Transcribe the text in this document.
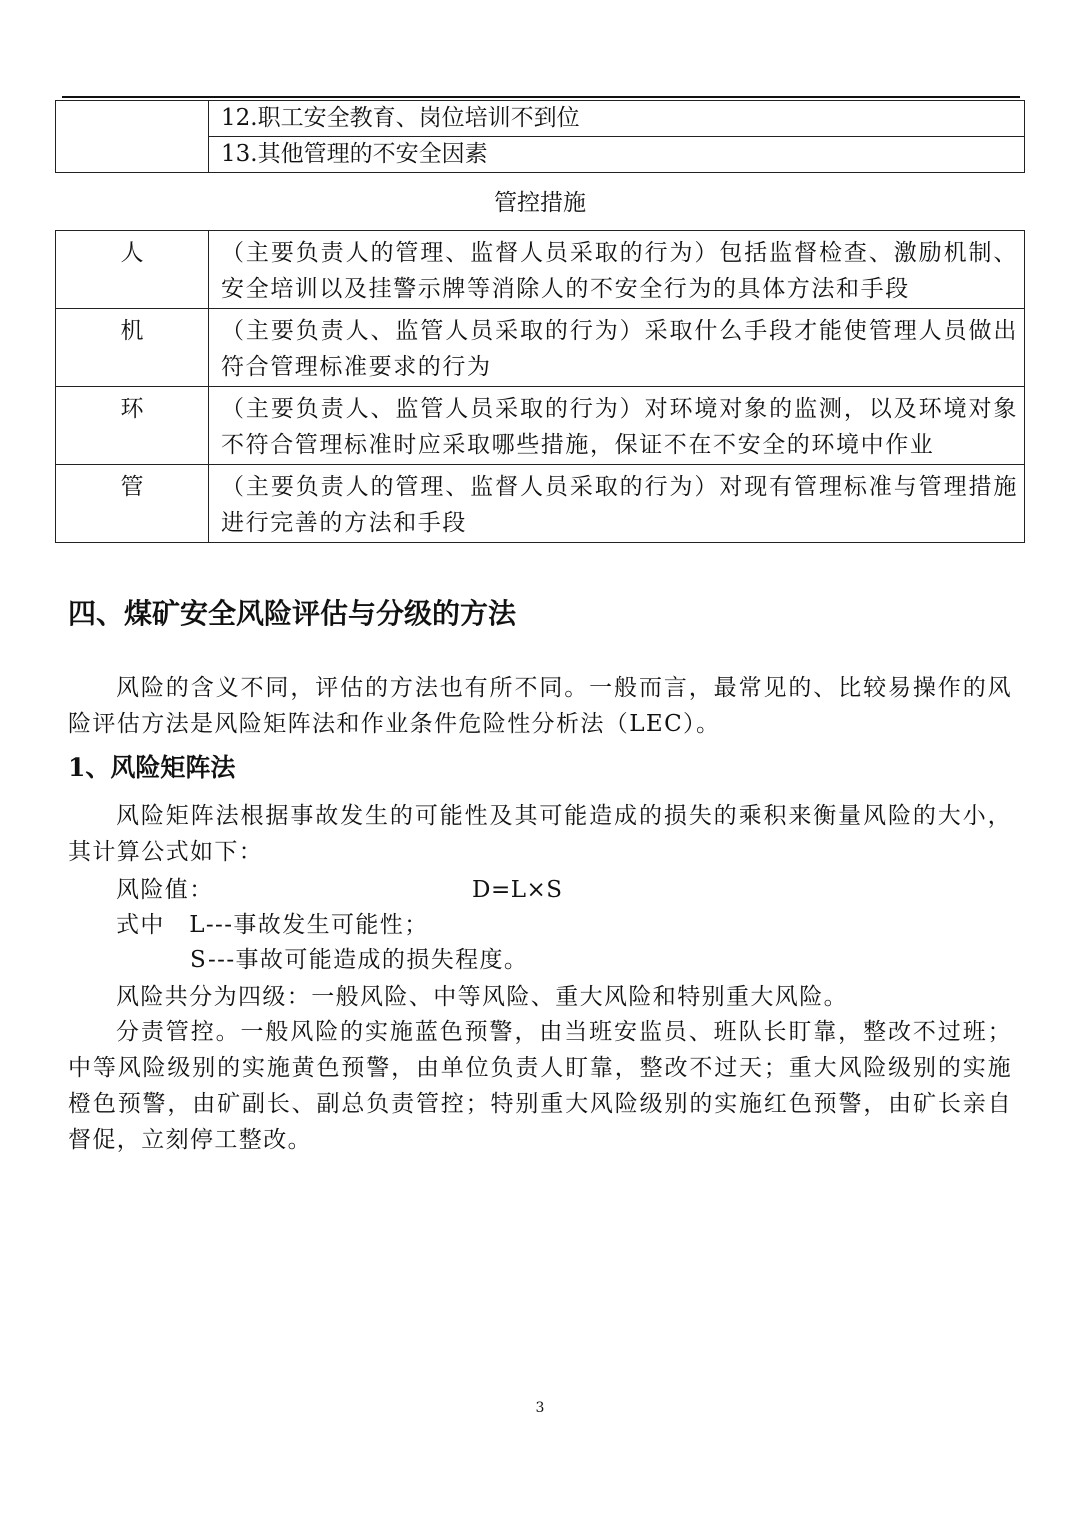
	12.职工安全教育、岗位培训不到位
13.其他管理的不安全因素
管控措施
人	（主要负责人的管理、监督人员采取的行为）包括监督检查、激励机制、安全培训以及挂警示牌等消除人的不安全行为的具体方法和手段

机	（主要负责人、监管人员采取的行为）采取什么手段才能使管理人员做出符合管理标准要求的行为

环	（主要负责人、监管人员采取的行为）对环境对象的监测，以及环境对象不符合管理标准时应采取哪些措施，保证不在不安全的环境中作业

管	（主要负责人的管理、监督人员采取的行为）对现有管理标准与管理措施进行完善的方法和手段
四、煤矿安全风险评估与分级的方法
风险的含义不同，评估的方法也有所不同。一般而言，最常见的、比较易操作的风险评估方法是风险矩阵法和作业条件危险性分析法（LEC）。
1、风险矩阵法
风险矩阵法根据事故发生的可能性及其可能造成的损失的乘积来衡量风险的大小，其计算公式如下：
风险值：	D=L×S
式中　L---事故发生可能性；
S---事故可能造成的损失程度。
风险共分为四级：一般风险、中等风险、重大风险和特别重大风险。
分责管控。一般风险的实施蓝色预警，由当班安监员、班队长盯靠，整改不过班；中等风险级别的实施黄色预警，由单位负责人盯靠，整改不过天；重大风险级别的实施橙色预警，由矿副长、副总负责管控；特别重大风险级别的实施红色预警，由矿长亲自督促，立刻停工整改。
3
